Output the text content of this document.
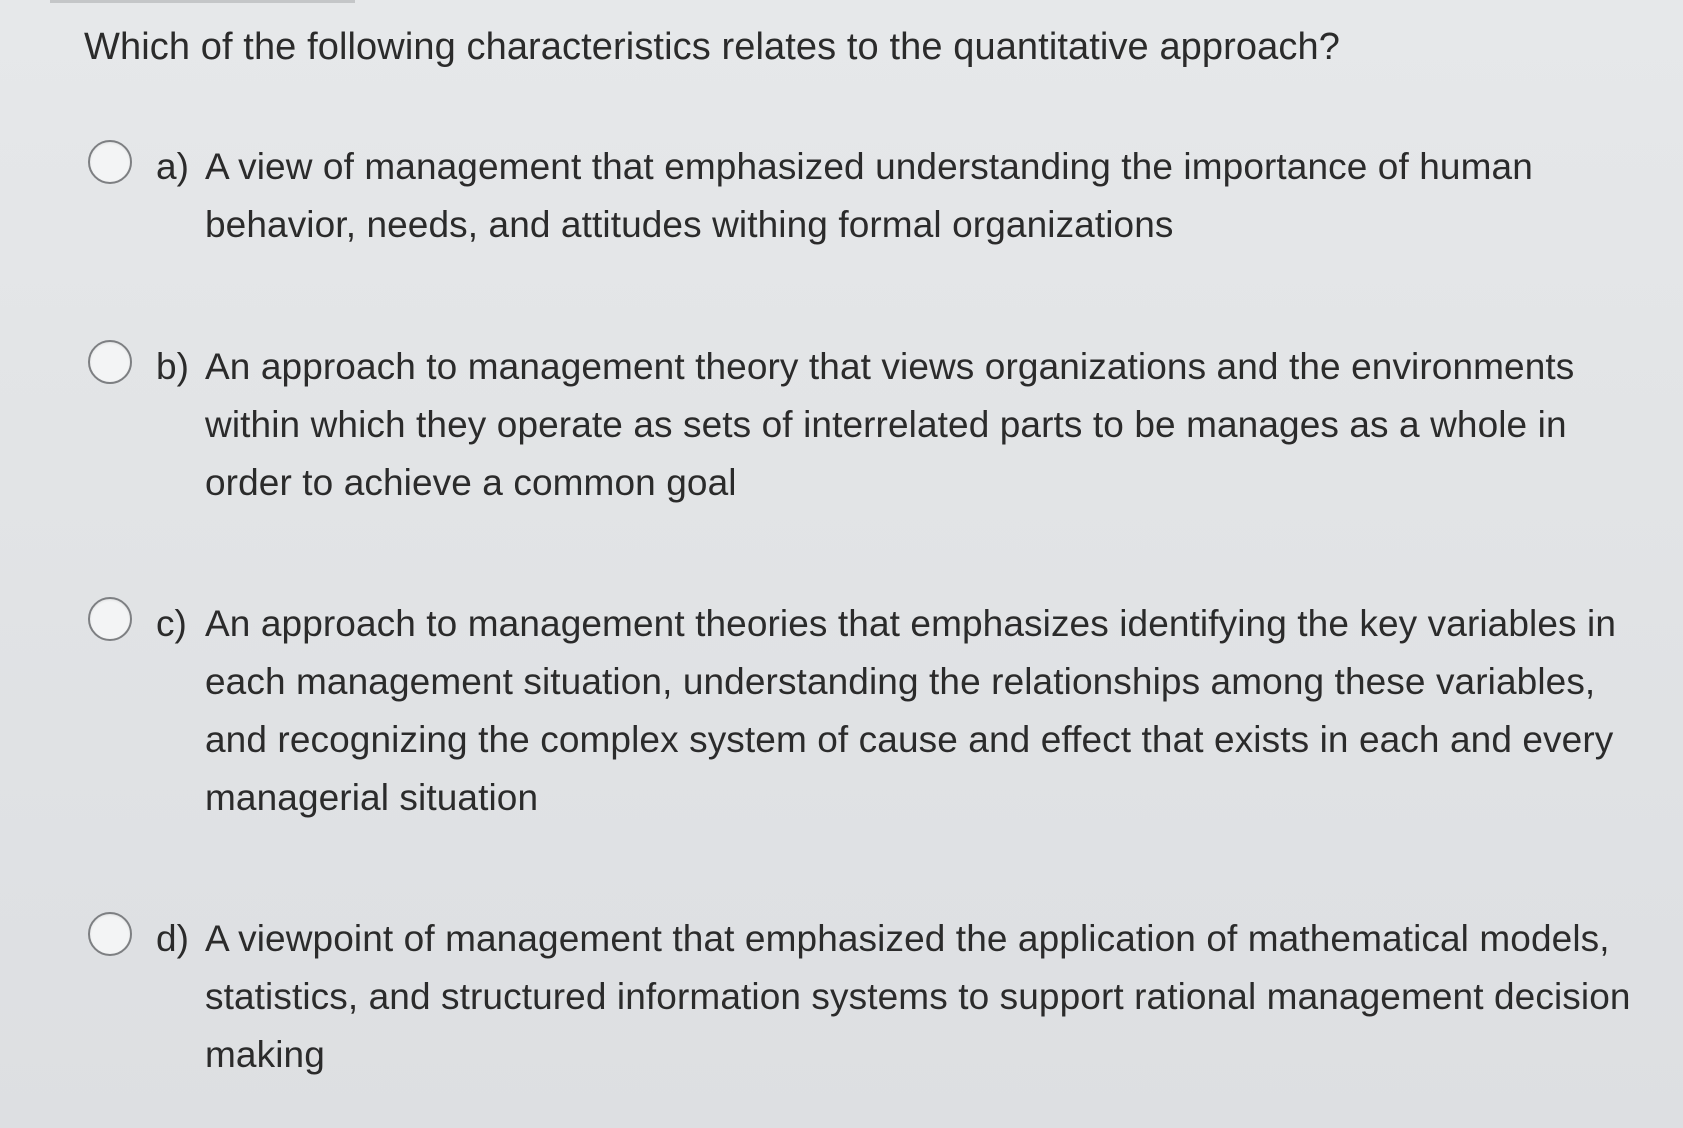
Which of the following characteristics relates to the quantitative approach?
a) A view of management that emphasized understanding the importance of human behavior, needs, and attitudes withing formal organizations
b) An approach to management theory that views organizations and the environments within which they operate as sets of interrelated parts to be manages as a whole in order to achieve a common goal
c) An approach to management theories that emphasizes identifying the key variables in each management situation, understanding the relationships among these variables, and recognizing the complex system of cause and effect that exists in each and every managerial situation
d) A viewpoint of management that emphasized the application of mathematical models, statistics, and structured information systems to support rational management decision making
